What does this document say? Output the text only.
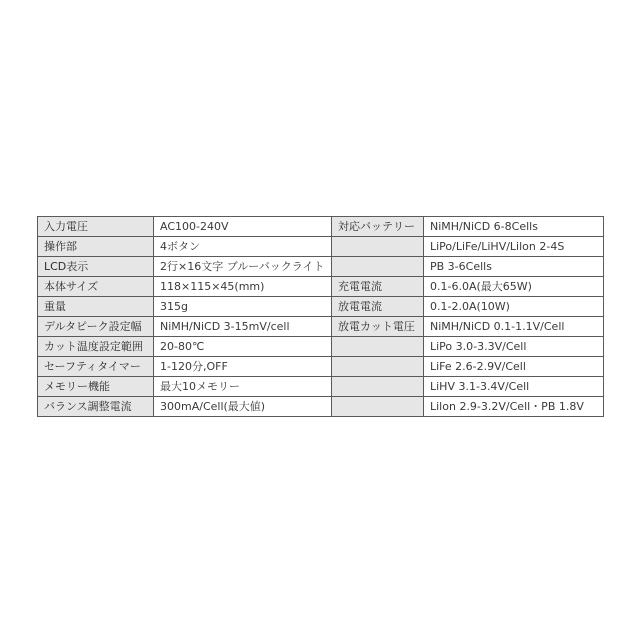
入力電圧	AC100-240V	対応バッテリー	NiMH/NiCD 6-8Cells
操作部	4ボタン		LiPo/LiFe/LiHV/Lilon 2-4S
LCD表示	2行×16文字 ブルーバックライト		PB 3-6Cells
本体サイズ	118×115×45(mm)	充電電流	0.1-6.0A(最大65W)
重量	315g	放電電流	0.1-2.0A(10W)
デルタピーク設定幅	NiMH/NiCD 3-15mV/cell	放電カット電圧	NiMH/NiCD 0.1-1.1V/Cell
カット温度設定範囲	20-80℃		LiPo 3.0-3.3V/Cell
セーフティタイマー	1-120分,OFF		LiFe 2.6-2.9V/Cell
メモリー機能	最大10メモリー		LiHV 3.1-3.4V/Cell
バランス調整電流	300mA/Cell(最大値)		Lilon 2.9-3.2V/Cell・PB 1.8V
